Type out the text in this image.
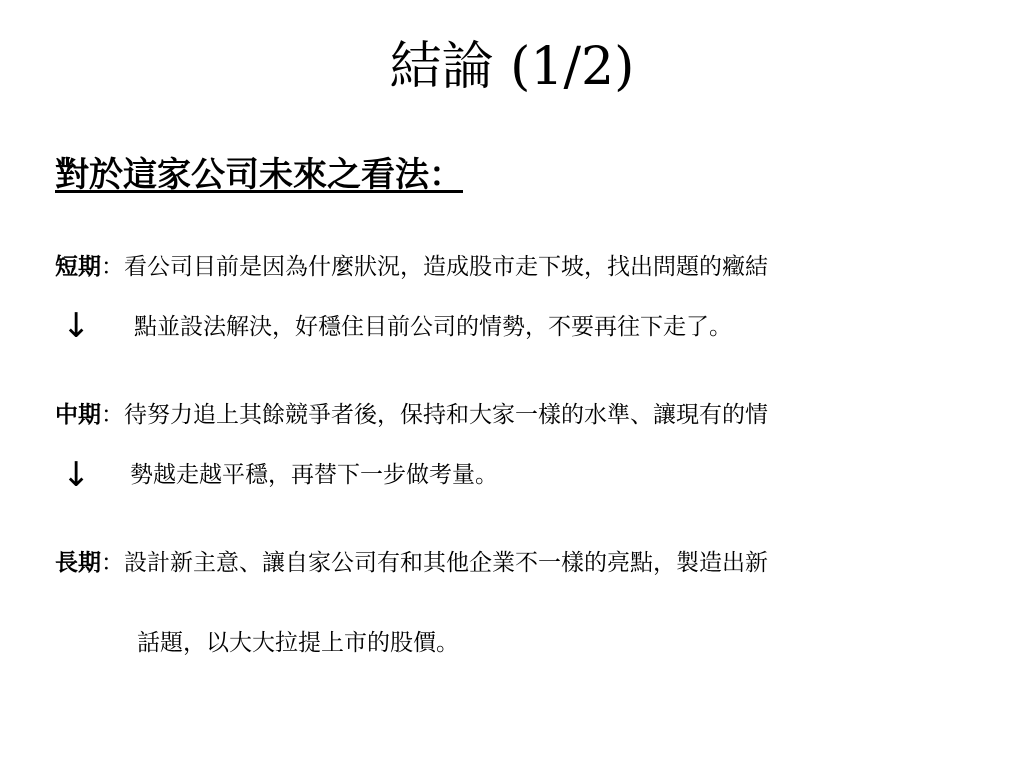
結論 (1/2)
對於這家公司未來之看法：
短期：看公司目前是因為什麼狀況，造成股市走下坡，找出問題的癥結
↓ 點並設法解決，好穩住目前公司的情勢，不要再往下走了。
中期：待努力追上其餘競爭者後，保持和大家一樣的水準、讓現有的情
↓ 勢越走越平穩，再替下一步做考量。
長期：設計新主意、讓自家公司有和其他企業不一樣的亮點，製造出新
話題，以大大拉提上市的股價。
